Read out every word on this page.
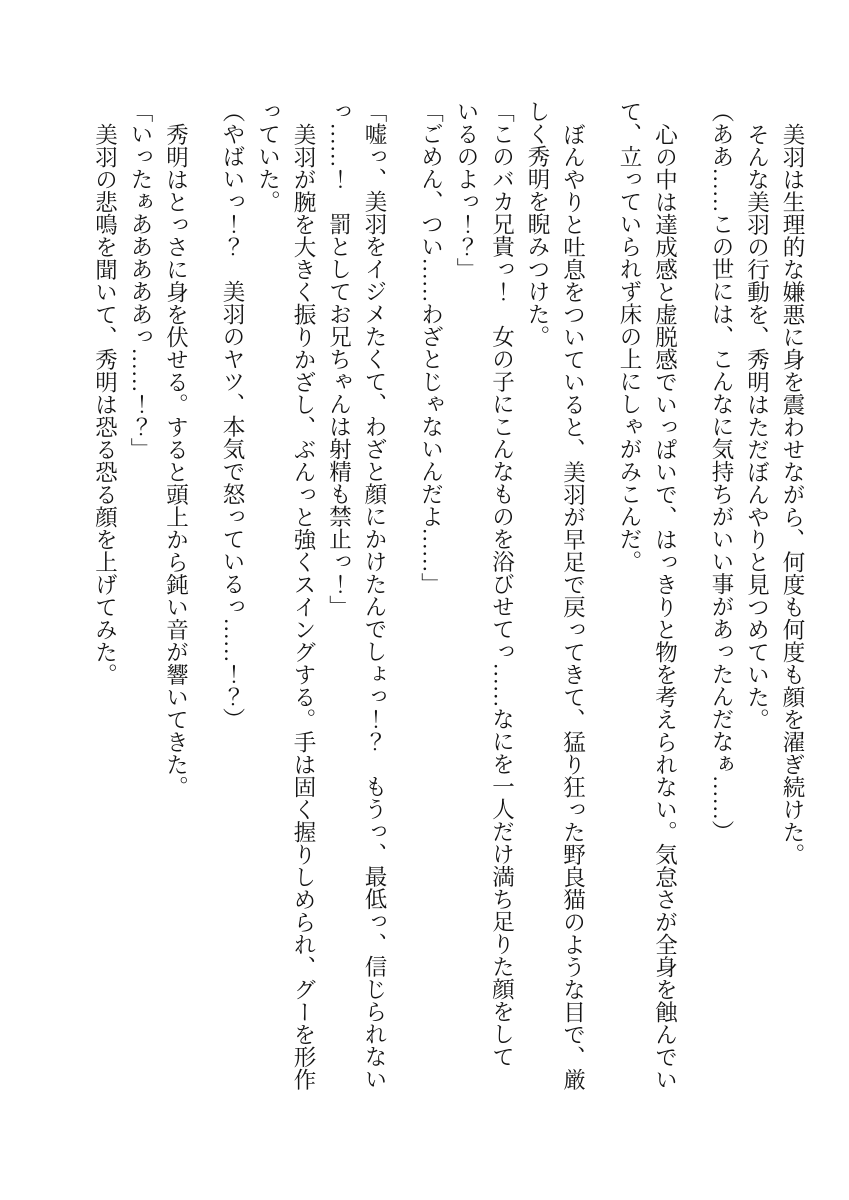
美羽は生理的な嫌悪に身を震わせながら、何度も何度も顔を濯ぎ続けた。
そんな美羽の行動を、秀明はただぼんやりと見つめていた。
（ああ……この世には、こんなに気持ちがいい事があったんだなぁ……）
心の中は達成感と虚脱感でいっぱいで、はっきりと物を考えられない。気怠さが全身を蝕んでい
て、立っていられず床の上にしゃがみこんだ。
ぼんやりと吐息をついていると、美羽が早足で戻ってきて、猛り狂った野良猫のような目で、厳
しく秀明を睨みつけた。
「このバカ兄貴っ！　女の子にこんなものを浴びせてっ……なにを一人だけ満ち足りた顔をして
いるのよっ！？」
「ごめん、つい……わざとじゃないんだよ……」
「嘘っ、美羽をイジメたくて、わざと顔にかけたんでしょっ！？　もうっ、最低っ、信じられない
っ……！　罰としてお兄ちゃんは射精も禁止っ！」
美羽が腕を大きく振りかざし、ぶんっと強くスイングする。手は固く握りしめられ、グーを形作
っていた。
（やばいっ！？　美羽のヤツ、本気で怒っているっ……！？）
秀明はとっさに身を伏せる。すると頭上から鈍い音が響いてきた。
「いったぁあああああっ……！？」
美羽の悲鳴を聞いて、秀明は恐る恐る顔を上げてみた。
